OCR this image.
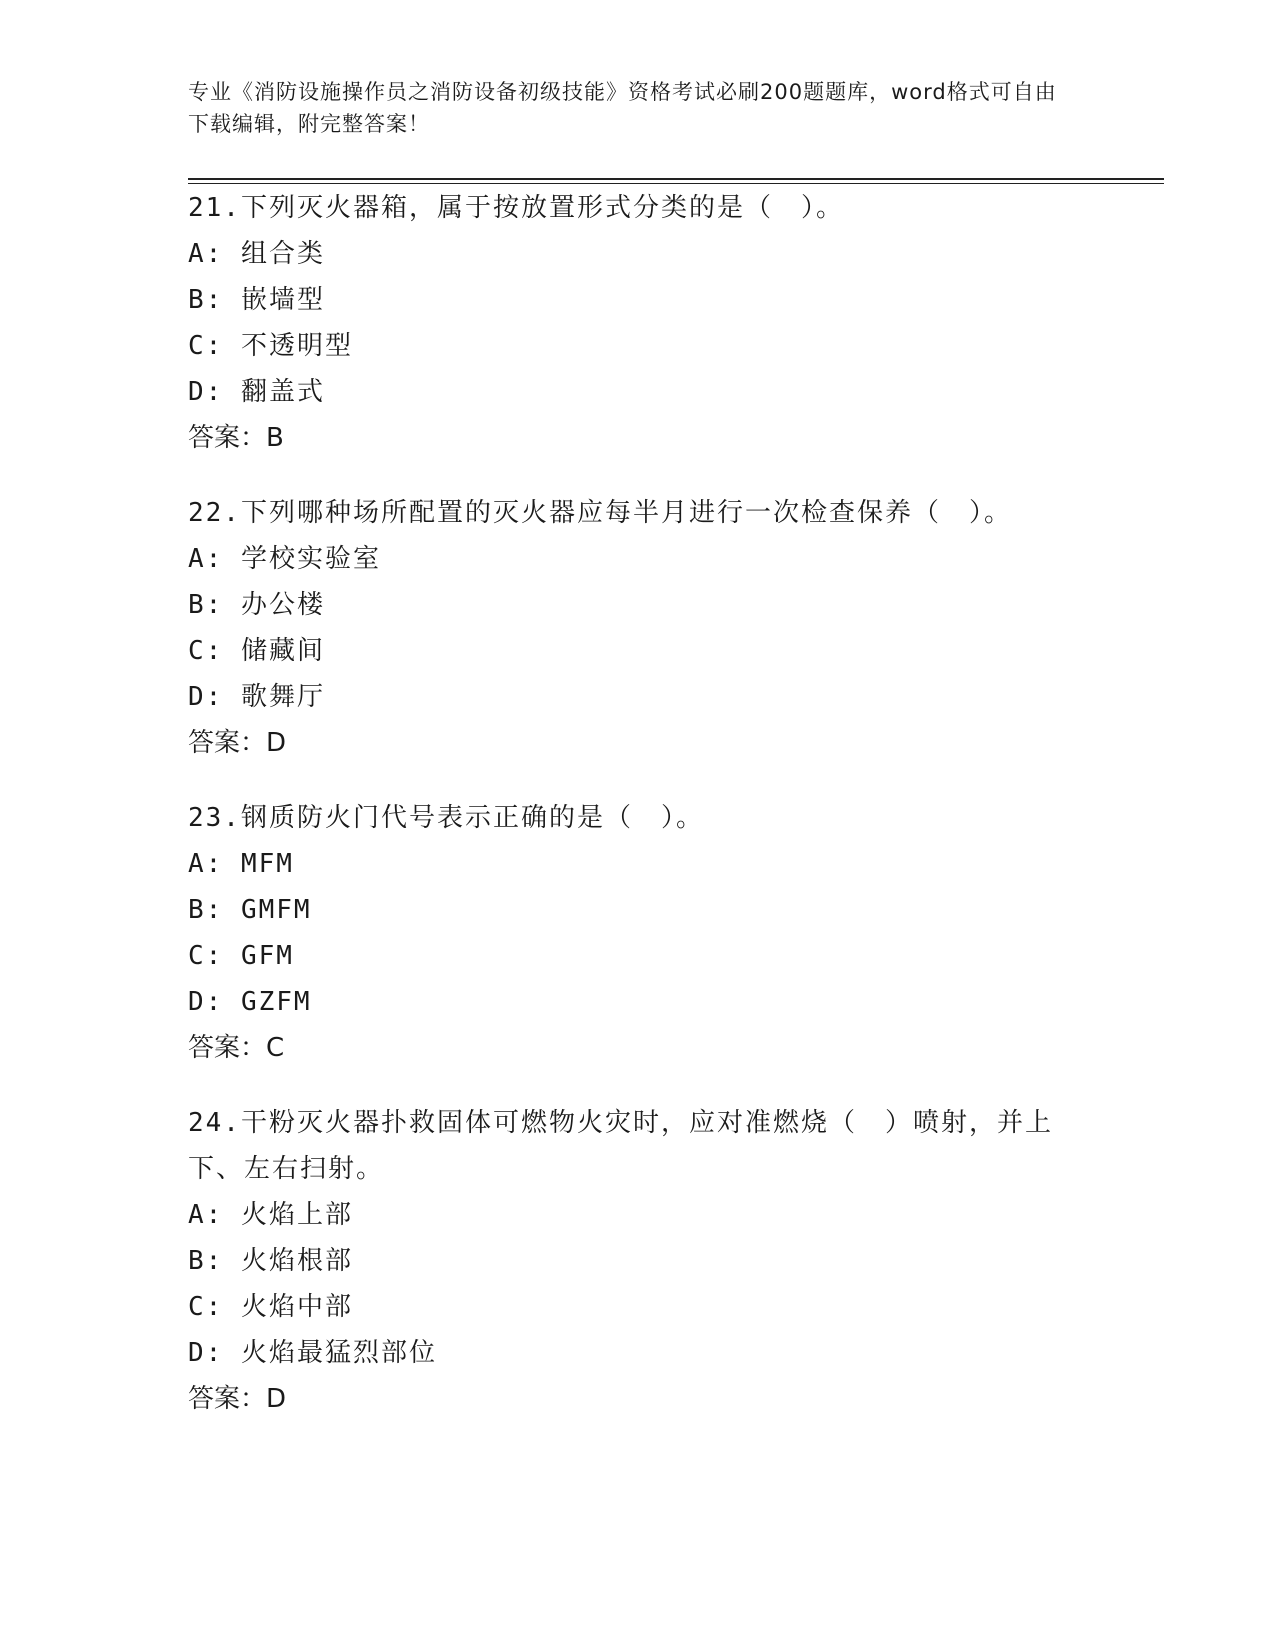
专业《消防设施操作员之消防设备初级技能》资格考试必刷200题题库，word格式可自由下载编辑，附完整答案！

21.下列灭火器箱，属于按放置形式分类的是（　）。

A: 组合类

B: 嵌墙型

C: 不透明型

D: 翻盖式

答案：B

22.下列哪种场所配置的灭火器应每半月进行一次检查保养（　）。

A: 学校实验室

B: 办公楼

C: 储藏间

D: 歌舞厅

答案：D

23.钢质防火门代号表示正确的是（　）。

A: MFM

B: GMFM

C: GFM

D: GZFM

答案：C

24.干粉灭火器扑救固体可燃物火灾时，应对准燃烧（　）喷射，并上下、左右扫射。

A: 火焰上部

B: 火焰根部

C: 火焰中部

D: 火焰最猛烈部位

答案：D
